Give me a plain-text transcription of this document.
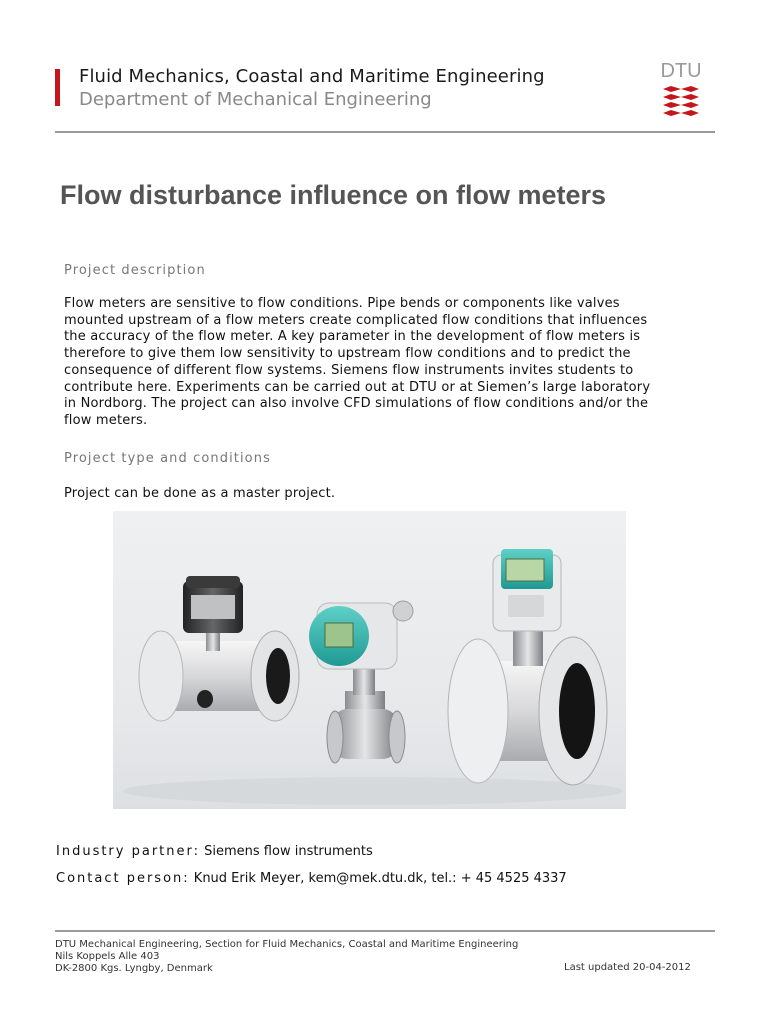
Fluid Mechanics, Coastal and Maritime Engineering
Department of Mechanical Engineering
DTU
Flow disturbance influence on flow meters
Project description
Flow meters are sensitive to flow conditions. Pipe bends or components like valves
mounted upstream of a flow meters create complicated flow conditions that influences
the accuracy of the flow meter. A key parameter in the development of flow meters is
therefore to give them low sensitivity to upstream flow conditions and to predict the
consequence of different flow systems. Siemens flow instruments invites students to
contribute here. Experiments can be carried out at DTU or at Siemen’s large laboratory
in Nordborg. The project can also involve CFD simulations of flow conditions and/or the
flow meters.
Project type and conditions
Project can be done as a master project.
Industry partner: Siemens flow instruments
Contact person: Knud Erik Meyer, kem@mek.dtu.dk, tel.: + 45 4525 4337
DTU Mechanical Engineering, Section for Fluid Mechanics, Coastal and Maritime Engineering
Nils Koppels Alle 403
DK-2800 Kgs. Lyngby, Denmark	Last updated 20-04-2012
